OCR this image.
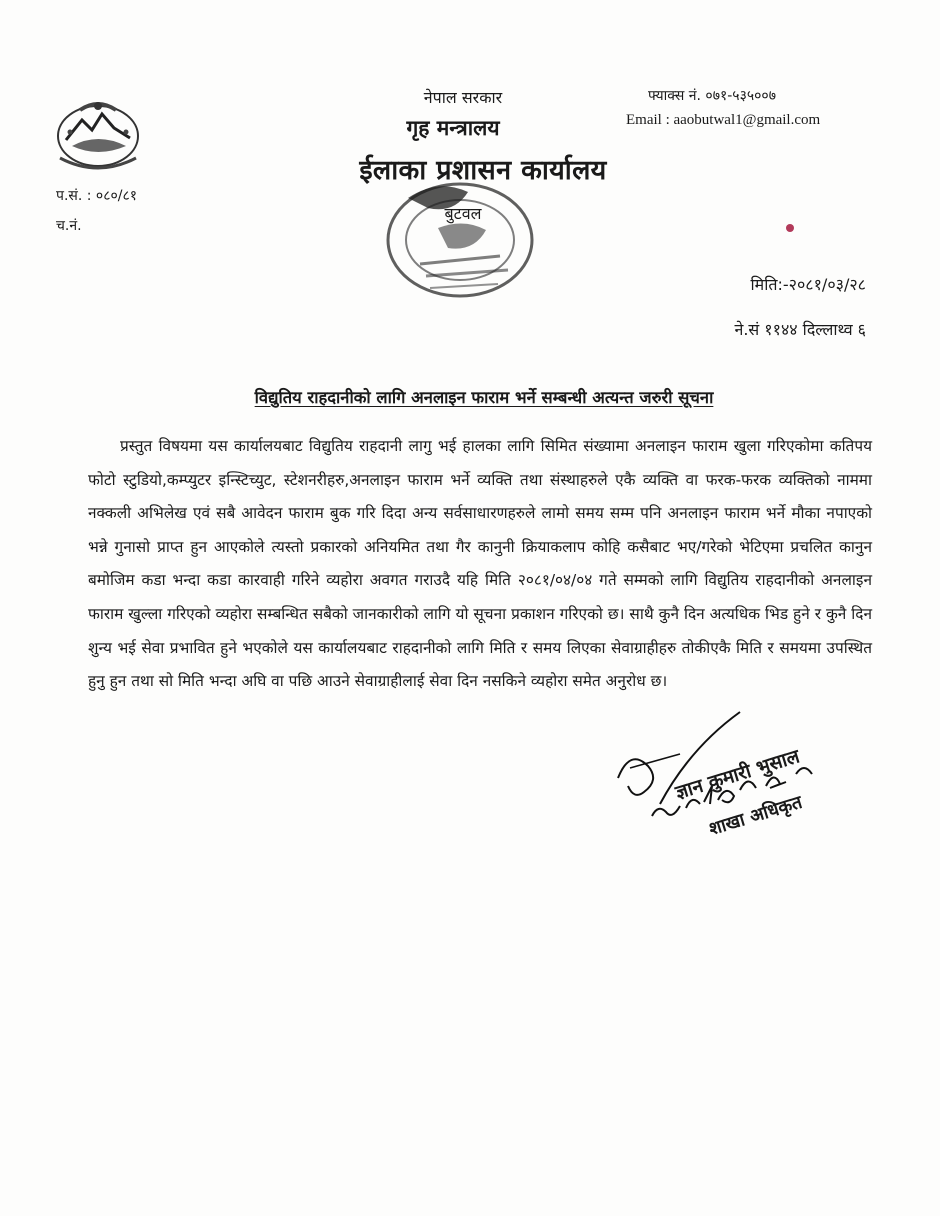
नेपाल सरकार
गृह मन्त्रालय
ईलाका प्रशासन कार्यालय
बुटवल
फ्याक्स नं. ०७१-५३५००७
Email : aaobutwal1@gmail.com
प.सं. : ०८०/८१
च.नं.
मिति:-२०८१/०३/२८
ने.सं ११४४ दिल्लाथ्व ६
विद्युतिय राहदानीको लागि अनलाइन फाराम भर्ने सम्बन्धी अत्यन्त जरुरी सूचना

प्रस्तुत विषयमा यस कार्यालयबाट विद्युतिय राहदानी लागु भई हालका लागि सिमित संख्यामा अनलाइन फाराम खुला गरिएकोमा कतिपय फोटो स्टुडियो,कम्प्युटर इन्स्टिच्युट, स्टेशनरीहरु,अनलाइन फाराम भर्ने व्यक्ति तथा संस्थाहरुले एकै व्यक्ति वा फरक-फरक व्यक्तिको नाममा नक्कली अभिलेख एवं सबै आवेदन फाराम बुक गरि दिदा अन्य सर्वसाधारणहरुले लामो समय सम्म पनि अनलाइन फाराम भर्ने मौका नपाएको भन्ने गुनासो प्राप्त हुन आएकोले त्यस्तो प्रकारको अनियमित तथा गैर कानुनी क्रियाकलाप कोहि कसैबाट भए/गरेको भेटिएमा प्रचलित कानुन बमोजिम कडा भन्दा कडा कारवाही गरिने व्यहोरा अवगत गराउदै यहि मिति २०८१/०४/०४ गते सम्मको लागि विद्युतिय राहदानीको अनलाइन फाराम खुल्ला गरिएको व्यहोरा सम्बन्धित सबैको जानकारीको लागि यो सूचना प्रकाशन गरिएको छ। साथै कुनै दिन अत्यधिक भिड हुने र कुनै दिन शुन्य भई सेवा प्रभावित हुने भएकोले यस कार्यालयबाट राहदानीको लागि मिति र समय लिएका सेवाग्राहीहरु तोकीएकै मिति र समयमा उपस्थित हुनु हुन तथा सो मिति भन्दा अघि वा पछि आउने सेवाग्राहीलाई सेवा दिन नसकिने व्यहोरा समेत अनुरोध छ।

ज्ञान कुमारी भुसाल
शाखा अधिकृत
